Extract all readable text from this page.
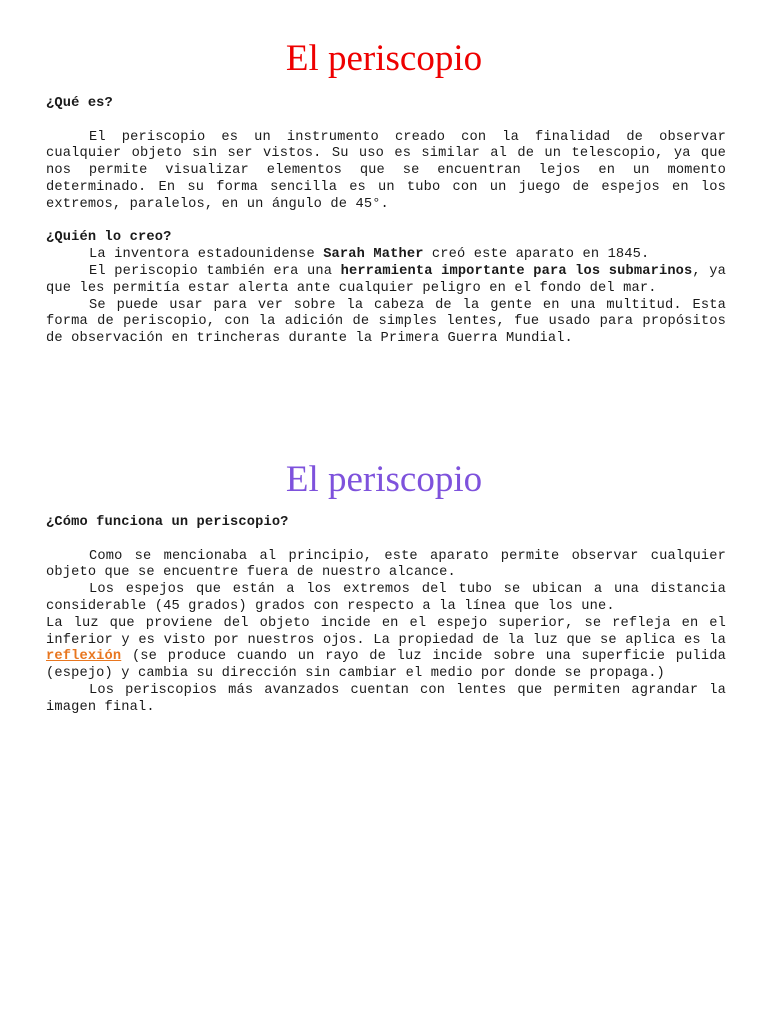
El periscopio

¿Qué es?

El periscopio es un instrumento creado con la finalidad de observar cualquier objeto sin ser vistos. Su uso es similar al de un telescopio, ya que nos permite visualizar elementos que se encuentran lejos en un momento determinado. En su forma sencilla es un tubo con un juego de espejos en los extremos, paralelos, en un ángulo de 45°.

¿Quién lo creo?

La inventora estadounidense Sarah Mather creó este aparato en 1845.

El periscopio también era una herramienta importante para los submarinos, ya que les permitía estar alerta ante cualquier peligro en el fondo del mar.

Se puede usar para ver sobre la cabeza de la gente en una multitud. Esta forma de periscopio, con la adición de simples lentes, fue usado para propósitos de observación en trincheras durante la Primera Guerra Mundial.

El periscopio

¿Cómo funciona un periscopio?

Como se mencionaba al principio, este aparato permite observar cualquier objeto que se encuentre fuera de nuestro alcance.

Los espejos que están a los extremos del tubo se ubican a una distancia considerable (45 grados) grados con respecto a la línea que los une.

La luz que proviene del objeto incide en el espejo superior, se refleja en el inferior y es visto por nuestros ojos. La propiedad de la luz que se aplica es la reflexión (se produce cuando un rayo de luz incide sobre una superficie pulida (espejo) y cambia su dirección sin cambiar el medio por donde se propaga.)

Los periscopios más avanzados cuentan con lentes que permiten agrandar la imagen final.
